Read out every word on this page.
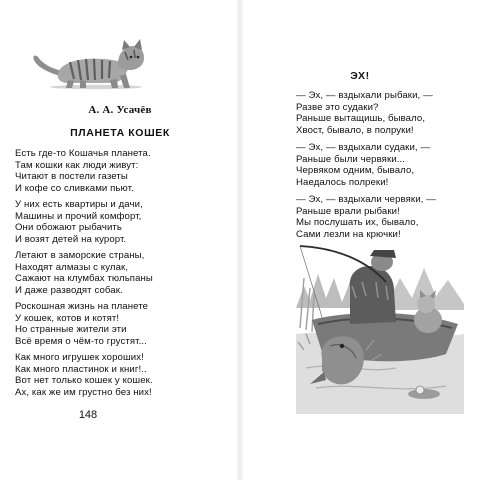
А. А. Усачёв
ПЛАНЕТА КОШЕК
Есть где-то Кошачья планета.
Там кошки как люди живут:
Читают в постели газеты
И кофе со сливками пьют.
У них есть квартиры и дачи,
Машины и прочий комфорт,
Они обожают рыбачить
И возят детей на курорт.
Летают в заморские страны,
Находят алмазы с кулак,
Сажают на клумбах тюльпаны
И даже разводят собак.
Роскошная жизнь на планете
У кошек, котов и котят!
Но странные жители эти
Всё время о чём-то грустят...
Как много игрушек хороших!
Как много пластинок и книг!..
Вот нет только кошек у кошек.
Ах, как же им грустно без них!
148
ЭХ!
— Эх, — вздыхали рыбаки, —
Разве это судаки?
Раньше вытащишь, бывало,
Хвост, бывало, в полруки!
— Эх, — вздыхали судаки, —
Раньше были червяки...
Червяком одним, бывало,
Наедалось полреки!
— Эх, — вздыхали червяки, —
Раньше врали рыбаки!
Мы послушать их, бывало,
Сами лезли на крючки!
